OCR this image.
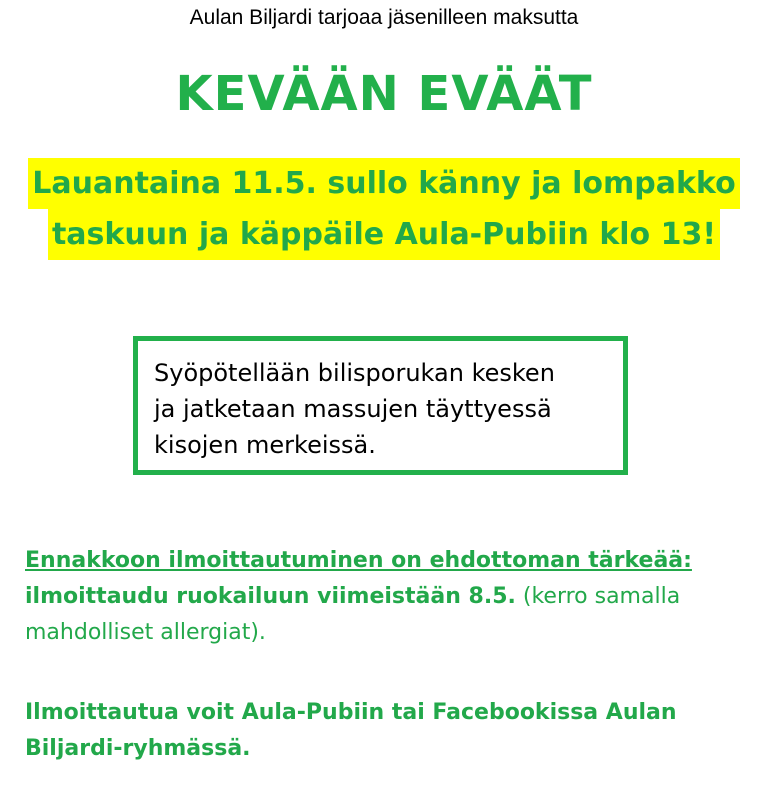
Aulan Biljardi tarjoaa jäsenilleen maksutta
KEVÄÄN EVÄÄT
Lauantaina 11.5. sullo känny ja lompakko
taskuun ja käppäile Aula-Pubiin klo 13!
Syöpötellään bilisporukan kesken
ja jatketaan massujen täyttyessä
kisojen merkeissä.
Ennakkoon ilmoittautuminen on ehdottoman tärkeää:
ilmoittaudu ruokailuun viimeistään 8.5. (kerro samalla
mahdolliset allergiat).
Ilmoittautua voit Aula-Pubiin tai Facebookissa Aulan
Biljardi-ryhmässä.
